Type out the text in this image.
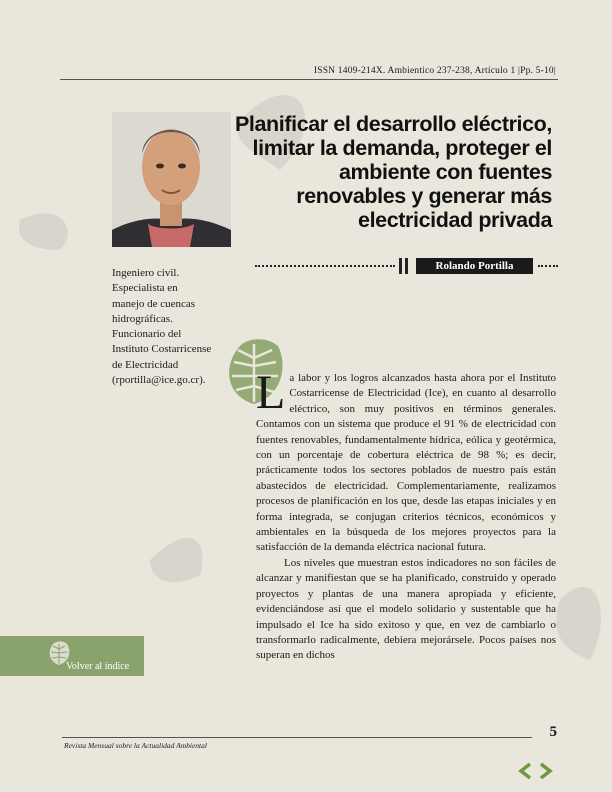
ISSN 1409-214X. Ambientico 237-238, Artículo 1 |Pp. 5-10|
Planificar el desarrollo eléctrico, limitar la demanda, proteger el ambiente con fuentes renovables y generar más electricidad privada
Rolando Portilla
Ingeniero civil.
Especialista en
manejo de cuencas
hidrográficas.
Funcionario del
Instituto Costarricense
de Electricidad
(rportilla@ice.go.cr).	La labor y los logros alcanzados hasta ahora por el Instituto Costarricense de Electricidad (Ice), en cuanto al desarrollo eléctrico, son muy positivos en términos generales. Contamos con un sistema que produce el 91 % de electricidad con fuentes renovables, fundamentalmente hídrica, eólica y geotérmica, con un porcentaje de cobertura eléctrica de 98 %; es decir, prácticamente todos los sectores poblados de nuestro país están abastecidos de electricidad. Complementariamente, realizamos procesos de planificación en los que, desde las etapas iniciales y en forma integrada, se conjugan criterios técnicos, económicos y ambientales en la búsqueda de los mejores proyectos para la satisfacción de la demanda eléctrica nacional futura.

Los niveles que muestran estos indicadores no son fáciles de alcanzar y manifiestan que se ha planificado, construido y operado proyectos y plantas de una manera apropiada y eficiente, evidenciándose así que el modelo solidario y sustentable que ha impulsado el Ice ha sido exitoso y que, en vez de cambiarlo o transformarlo radicalmente, debiera mejorársele. Pocos países nos superan en dichos

Volver al índice
5
Revista Mensual sobre la Actualidad Ambiental
